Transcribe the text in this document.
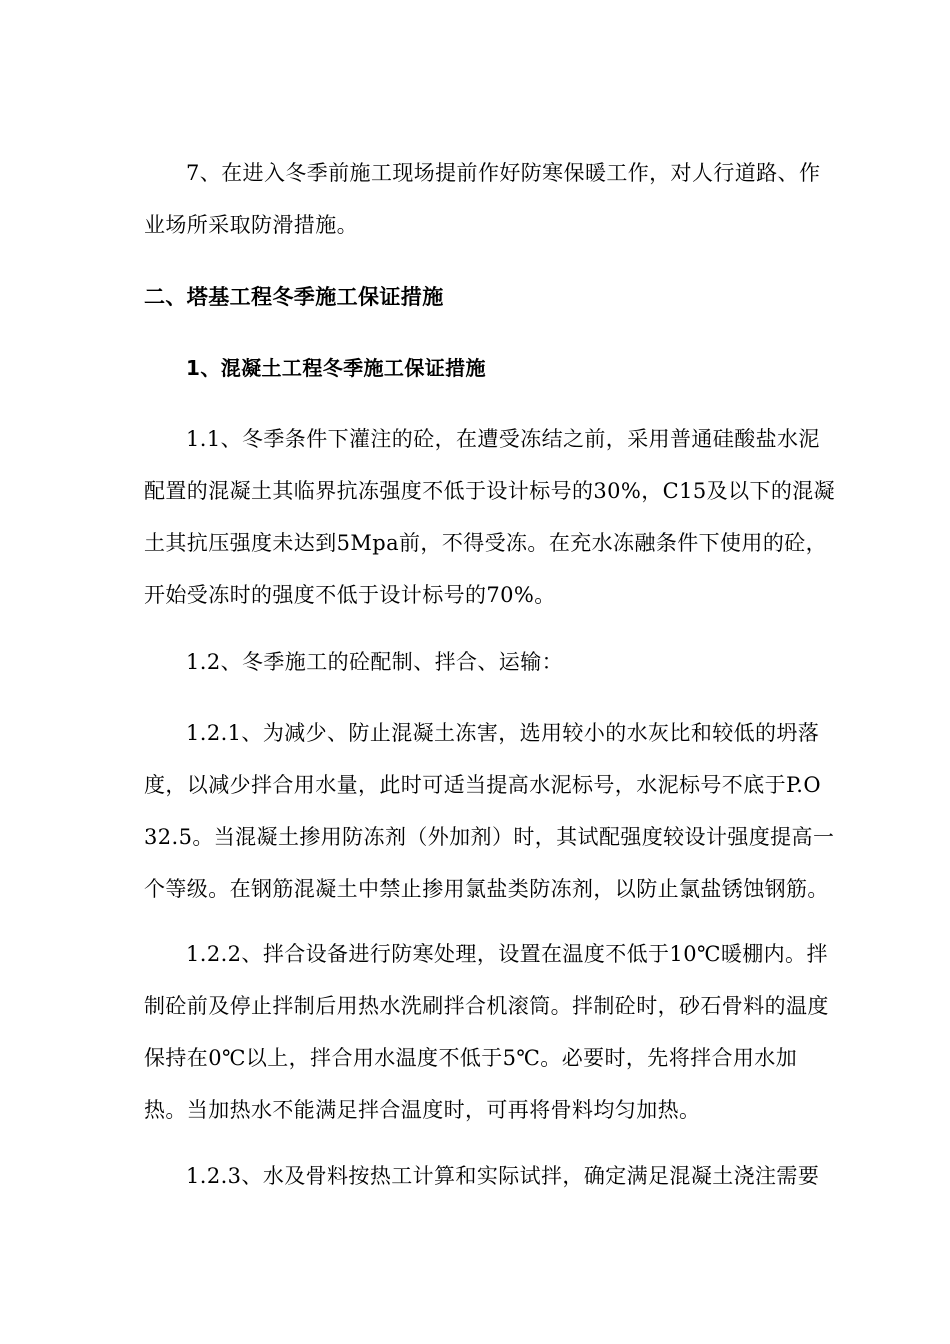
7、在进入冬季前施工现场提前作好防寒保暖工作，对人行道路、作
业场所采取防滑措施。
二、塔基工程冬季施工保证措施
1、混凝土工程冬季施工保证措施
1.1、冬季条件下灌注的砼，在遭受冻结之前，采用普通硅酸盐水泥
配置的混凝土其临界抗冻强度不低于设计标号的30%，C15及以下的混凝
土其抗压强度未达到5Mpa前，不得受冻。在充水冻融条件下使用的砼，
开始受冻时的强度不低于设计标号的70%。
1.2、冬季施工的砼配制、拌合、运输：
1.2.1、为减少、防止混凝土冻害，选用较小的水灰比和较低的坍落
度，以减少拌合用水量，此时可适当提高水泥标号，水泥标号不底于P.O
32.5。当混凝土掺用防冻剂（外加剂）时，其试配强度较设计强度提高一
个等级。在钢筋混凝土中禁止掺用氯盐类防冻剂，以防止氯盐锈蚀钢筋。
1.2.2、拌合设备进行防寒处理，设置在温度不低于10℃暖棚内。拌
制砼前及停止拌制后用热水洗刷拌合机滚筒。拌制砼时，砂石骨料的温度
保持在0℃以上，拌合用水温度不低于5℃。必要时，先将拌合用水加
热。当加热水不能满足拌合温度时，可再将骨料均匀加热。
1.2.3、水及骨料按热工计算和实际试拌，确定满足混凝土浇注需要
